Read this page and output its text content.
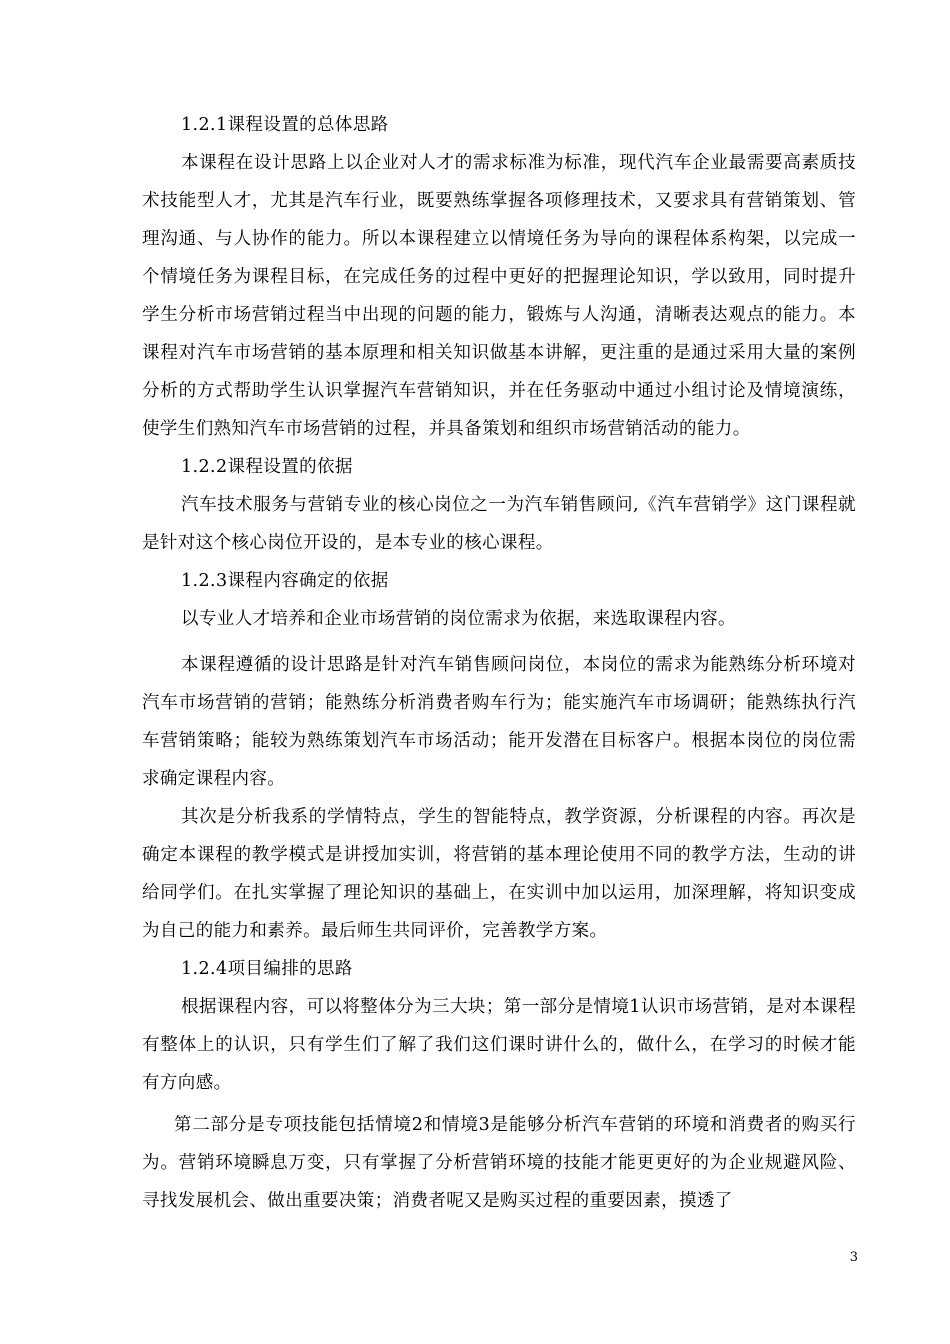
1.2.1课程设置的总体思路

本课程在设计思路上以企业对人才的需求标准为标准，现代汽车企业最需要高素质技术技能型人才，尤其是汽车行业，既要熟练掌握各项修理技术，又要求具有营销策划、管理沟通、与人协作的能力。所以本课程建立以情境任务为导向的课程体系构架，以完成一个情境任务为课程目标，在完成任务的过程中更好的把握理论知识，学以致用，同时提升学生分析市场营销过程当中出现的问题的能力，锻炼与人沟通，清晰表达观点的能力。本课程对汽车市场营销的基本原理和相关知识做基本讲解，更注重的是通过采用大量的案例分析的方式帮助学生认识掌握汽车营销知识，并在任务驱动中通过小组讨论及情境演练，使学生们熟知汽车市场营销的过程，并具备策划和组织市场营销活动的能力。

1.2.2课程设置的依据

汽车技术服务与营销专业的核心岗位之一为汽车销售顾问,《汽车营销学》这门课程就是针对这个核心岗位开设的，是本专业的核心课程。

1.2.3课程内容确定的依据

以专业人才培养和企业市场营销的岗位需求为依据，来选取课程内容。

本课程遵循的设计思路是针对汽车销售顾问岗位，本岗位的需求为能熟练分析环境对汽车市场营销的营销；能熟练分析消费者购车行为；能实施汽车市场调研；能熟练执行汽车营销策略；能较为熟练策划汽车市场活动；能开发潜在目标客户。根据本岗位的岗位需求确定课程内容。

其次是分析我系的学情特点，学生的智能特点，教学资源，分析课程的内容。再次是确定本课程的教学模式是讲授加实训，将营销的基本理论使用不同的教学方法，生动的讲给同学们。在扎实掌握了理论知识的基础上，在实训中加以运用，加深理解，将知识变成为自己的能力和素养。最后师生共同评价，完善教学方案。

1.2.4项目编排的思路

根据课程内容，可以将整体分为三大块；第一部分是情境1认识市场营销，是对本课程有整体上的认识，只有学生们了解了我们这们课时讲什么的，做什么，在学习的时候才能有方向感。

第二部分是专项技能包括情境2和情境3是能够分析汽车营销的环境和消费者的购买行为。营销环境瞬息万变，只有掌握了分析营销环境的技能才能更更好的为企业规避风险、寻找发展机会、做出重要决策；消费者呢又是购买过程的重要因素，摸透了

3
